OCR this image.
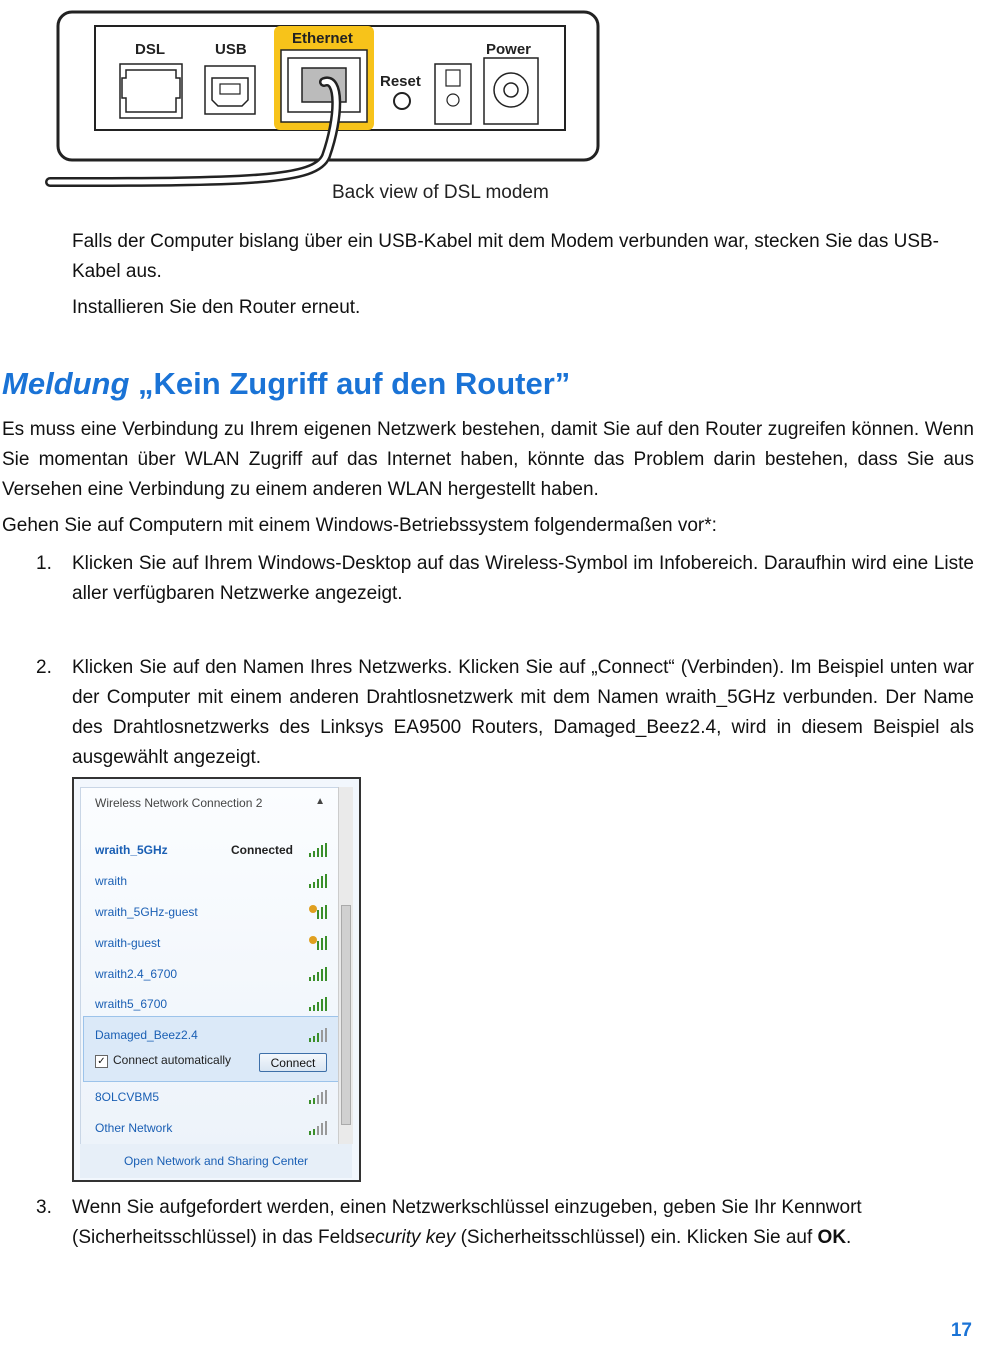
DSL	USB
Ethernet
Reset
Power
Back view of DSL modem

Falls der Computer bislang über ein USB-Kabel mit dem Modem verbunden war, stecken Sie das USB-Kabel aus.

Installieren Sie den Router erneut.

Meldung „Kein Zugriff auf den Router”

Es muss eine Verbindung zu Ihrem eigenen Netzwerk bestehen, damit Sie auf den Router zugreifen können. Wenn Sie momentan über WLAN Zugriff auf das Internet haben, könnte das Problem darin bestehen, dass Sie aus Versehen eine Verbindung zu einem anderen WLAN hergestellt haben.

Gehen Sie auf Computern mit einem Windows-Betriebssystem folgendermaßen vor*:

1. Klicken Sie auf Ihrem Windows-Desktop auf das Wireless-Symbol im Infobereich. Daraufhin wird eine Liste aller verfügbaren Netzwerke angezeigt.
2. Klicken Sie auf den Namen Ihres Netzwerks. Klicken Sie auf „Connect“ (Verbinden). Im Beispiel unten war der Computer mit einem anderen Drahtlosnetzwerk mit dem Namen wraith_5GHz verbunden. Der Name des Drahtlosnetzwerks des Linksys EA9500 Routers, Damaged_Beez2.4, wird in diesem Beispiel als ausgewählt angezeigt.
Wireless Network Connection 2	▲
wraith_5GHz	Connected
wraith
wraith_5GHz-guest
wraith-guest
wraith2.4_6700
wraith5_6700
Damaged_Beez2.4
8OLCVBM5
Other Network
✓ Connect automatically	Connect
Open Network and Sharing Center
3. Wenn Sie aufgefordert werden, einen Netzwerkschlüssel einzugeben, geben Sie Ihr Kennwort (Sicherheitsschlüssel) in das Feldsecurity key (Sicherheitsschlüssel) ein. Klicken Sie auf OK.
17
